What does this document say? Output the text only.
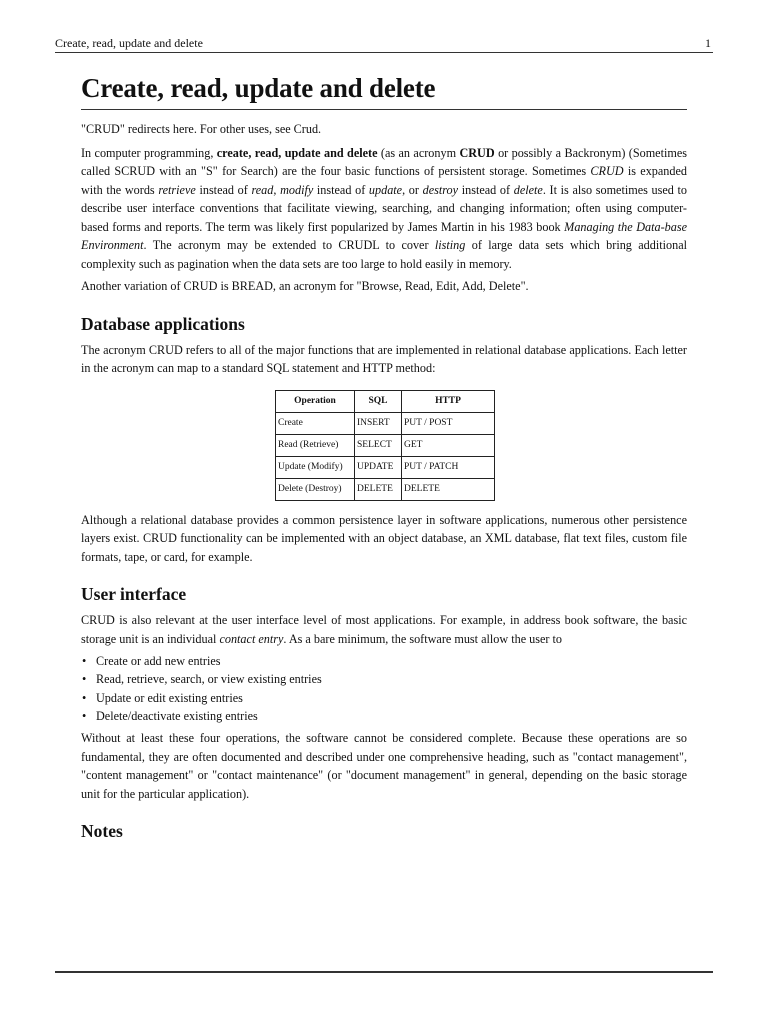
Create, read, update and delete	1
Create, read, update and delete

"CRUD" redirects here. For other uses, see Crud.

In computer programming, create, read, update and delete (as an acronym CRUD or possibly a Backronym) (Sometimes called SCRUD with an "S" for Search) are the four basic functions of persistent storage. Sometimes CRUD is expanded with the words retrieve instead of read, modify instead of update, or destroy instead of delete. It is also sometimes used to describe user interface conventions that facilitate viewing, searching, and changing information; often using computer-based forms and reports. The term was likely first popularized by James Martin in his 1983 book Managing the Data-base Environment. The acronym may be extended to CRUDL to cover listing of large data sets which bring additional complexity such as pagination when the data sets are too large to hold easily in memory.

Another variation of CRUD is BREAD, an acronym for "Browse, Read, Edit, Add, Delete".

Database applications

The acronym CRUD refers to all of the major functions that are implemented in relational database applications. Each letter in the acronym can map to a standard SQL statement and HTTP method:

Operation	SQL	HTTP
Create	INSERT	PUT / POST
Read (Retrieve)	SELECT	GET
Update (Modify)	UPDATE	PUT / PATCH
Delete (Destroy)	DELETE	DELETE

Although a relational database provides a common persistence layer in software applications, numerous other persistence layers exist. CRUD functionality can be implemented with an object database, an XML database, flat text files, custom file formats, tape, or card, for example.

User interface

CRUD is also relevant at the user interface level of most applications. For example, in address book software, the basic storage unit is an individual contact entry. As a bare minimum, the software must allow the user to

• Create or add new entries
• Read, retrieve, search, or view existing entries
• Update or edit existing entries
• Delete/deactivate existing entries

Without at least these four operations, the software cannot be considered complete. Because these operations are so fundamental, they are often documented and described under one comprehensive heading, such as "contact management", "content management" or "contact maintenance" (or "document management" in general, depending on the basic storage unit for the particular application).

Notes
